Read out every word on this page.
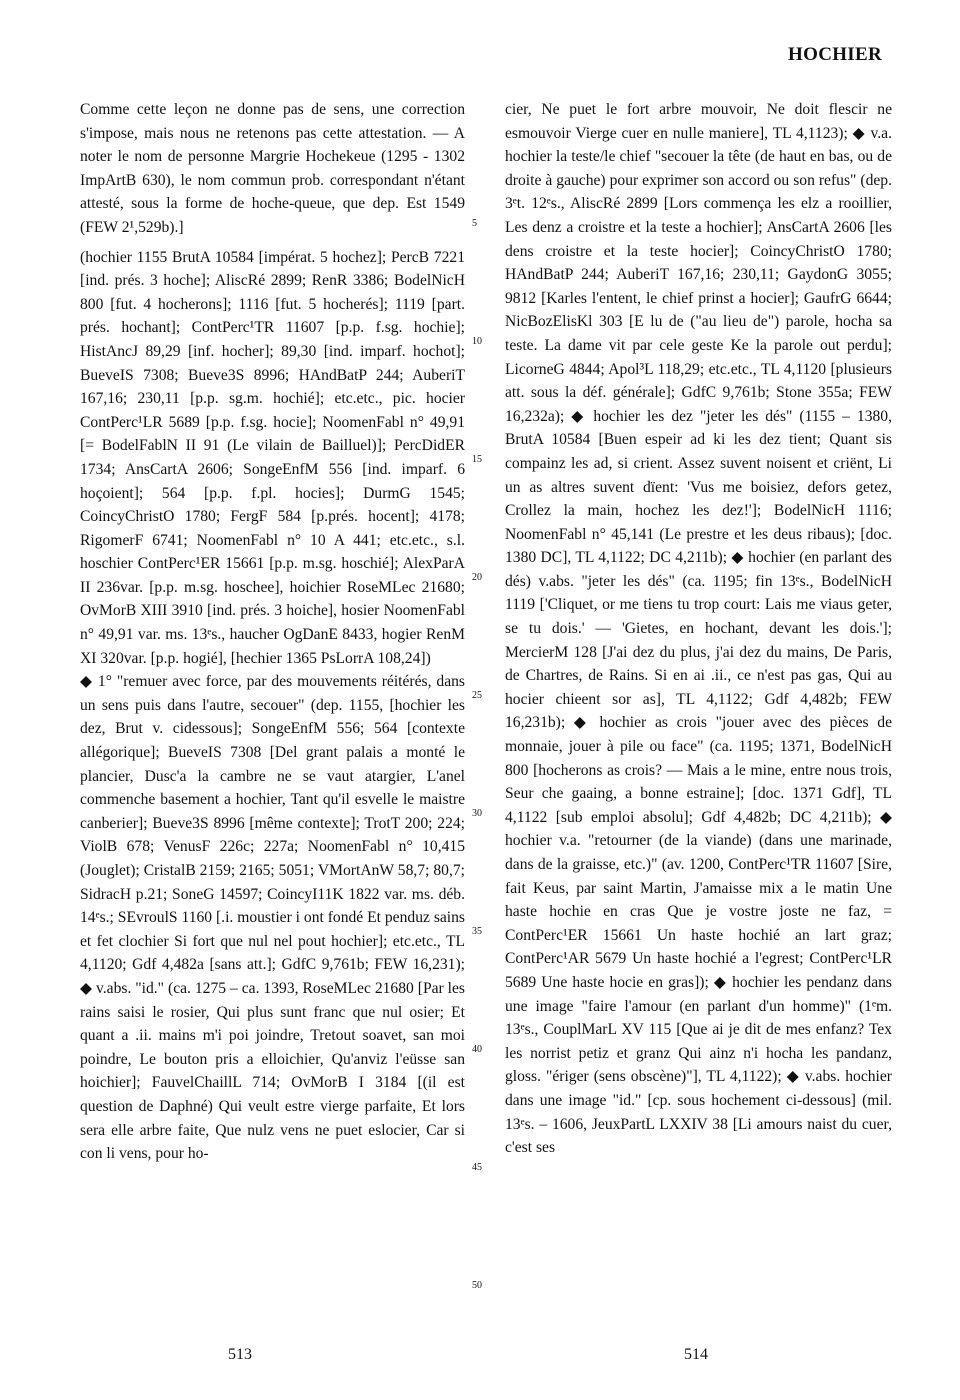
HOCHIER

Comme cette leçon ne donne pas de sens, une correction s'impose, mais nous ne retenons pas cette attestation. — A noter le nom de personne Margrie Hochekeue (1295 - 1302 ImpArtB 630), le nom commun prob. correspondant n'étant attesté, sous la forme de hoche-queue, que dep. Est 1549 (FEW 2¹,529b).]

(hochier 1155 BrutA 10584 [impérat. 5 hochez]; PercB 7221 [ind. prés. 3 hoche]; AliscRé 2899; RenR 3386; BodelNicH 800 [fut. 4 hocherons]; 1116 [fut. 5 hocherés]; 1119 [part. prés. hochant]; ContPerc¹TR 11607 [p.p. f.sg. hochie]; HistAncJ 89,29 [inf. hocher]; 89,30 [ind. imparf. hochot]; BueveIS 7308; Bueve3S 8996; HAndBatP 244; AuberiT 167,16; 230,11 [p.p. sg.m. hochié]; etc.etc., pic. hocier ContPerc¹LR 5689 [p.p. f.sg. hocie]; NoomenFabl n° 49,91 [= BodelFablN II 91 (Le vilain de Bailluel)]; PercDidER 1734; AnsCartA 2606; SongeEnfM 556 [ind. imparf. 6 hoçoient]; 564 [p.p. f.pl. hocies]; DurmG 1545; CoincyChristO 1780; FergF 584 [p.prés. hocent]; 4178; RigomerF 6741; NoomenFabl n° 10 A 441; etc.etc., s.l. hoschier ContPerc¹ER 15661 [p.p. m.sg. hoschié]; AlexParA II 236var. [p.p. m.sg. hoschee], hoichier RoseMLec 21680; OvMorB XIII 3910 [ind. prés. 3 hoiche], hosier NoomenFabl n° 49,91 var. ms. 13ᵉs., haucher OgDanE 8433, hogier RenM XI 320var. [p.p. hogié], [hechier 1365 PsLorrA 108,24])

◆ 1° "remuer avec force, par des mouvements réitérés, dans un sens puis dans l'autre, secouer" (dep. 1155, [hochier les dez, Brut v. cidessous]; SongeEnfM 556; 564 [contexte allégorique]; BueveIS 7308 [Del grant palais a monté le plancier, Dusc'a la cambre ne se vaut atargier, L'anel commenche basement a hochier, Tant qu'il esvelle le maistre canberier]; Bueve3S 8996 [même contexte]; TrotT 200; 224; ViolB 678; VenusF 226c; 227a; NoomenFabl n° 10,415 (Jouglet); CristalB 2159; 2165; 5051; VMortAnW 58,7; 80,7; SidracH p.21; SoneG 14597; CoincyI11K 1822 var. ms. déb. 14ᵉs.; SEvroulS 1160 [.i. moustier i ont fondé Et penduz sains et fet clochier Si fort que nul nel pout hochier]; etc.etc., TL 4,1120; Gdf 4,482a [sans att.]; GdfC 9,761b; FEW 16,231); ◆ v.abs. "id." (ca. 1275 – ca. 1393, RoseMLec 21680 [Par les rains saisi le rosier, Qui plus sunt franc que nul osier; Et quant a .ii. mains m'i poi joindre, Tretout soavet, san moi poindre, Le bouton pris a elloichier, Qu'anviz l'eüsse san hoichier]; FauvelChaillL 714; OvMorB I 3184 [(il est question de Daphné) Qui veult estre vierge parfaite, Et lors sera elle arbre faite, Que nulz vens ne puet eslocier, Car si con li vens, pour ho-

5
10
15
20
25
30
35
40
45
50

cier, Ne puet le fort arbre mouvoir, Ne doit flescir ne esmouvoir Vierge cuer en nulle maniere], TL 4,1123); ◆ v.a. hochier la teste/le chief "secouer la tête (de haut en bas, ou de droite à gauche) pour exprimer son accord ou son refus" (dep. 3ᵉt. 12ᵉs., AliscRé 2899 [Lors commença les elz a rooillier, Les denz a croistre et la teste a hochier]; AnsCartA 2606 [les dens croistre et la teste hocier]; CoincyChristO 1780; HAndBatP 244; AuberiT 167,16; 230,11; GaydonG 3055; 9812 [Karles l'entent, le chief prinst a hocier]; GaufrG 6644; NicBozElisKl 303 [E lu de ("au lieu de") parole, hocha sa teste. La dame vit par cele geste Ke la parole out perdu]; LicorneG 4844; Apol³L 118,29; etc.etc., TL 4,1120 [plusieurs att. sous la déf. générale]; GdfC 9,761b; Stone 355a; FEW 16,232a); ◆ hochier les dez "jeter les dés" (1155 – 1380, BrutA 10584 [Buen espeir ad ki les dez tient; Quant sis compainz les ad, si crient. Assez suvent noisent et criënt, Li un as altres suvent dïent: 'Vus me boisiez, defors getez, Crollez la main, hochez les dez!']; BodelNicH 1116; NoomenFabl n° 45,141 (Le prestre et les deus ribaus); [doc. 1380 DC], TL 4,1122; DC 4,211b); ◆ hochier (en parlant des dés) v.abs. "jeter les dés" (ca. 1195; fin 13ᵉs., BodelNicH 1119 ['Cliquet, or me tiens tu trop court: Lais me viaus geter, se tu dois.' — 'Gietes, en hochant, devant les dois.']; MercierM 128 [J'ai dez du plus, j'ai dez du mains, De Paris, de Chartres, de Rains. Si en ai .ii., ce n'est pas gas, Qui au hocier chieent sor as], TL 4,1122; Gdf 4,482b; FEW 16,231b); ◆ hochier as crois "jouer avec des pièces de monnaie, jouer à pile ou face" (ca. 1195; 1371, BodelNicH 800 [hocherons as crois? — Mais a le mine, entre nous trois, Seur che gaaing, a bonne estraine]; [doc. 1371 Gdf], TL 4,1122 [sub emploi absolu]; Gdf 4,482b; DC 4,211b); ◆ hochier v.a. "retourner (de la viande) (dans une marinade, dans de la graisse, etc.)" (av. 1200, ContPerc¹TR 11607 [Sire, fait Keus, par saint Martin, J'amaisse mix a le matin Une haste hochie en cras Que je vostre joste ne faz, = ContPerc¹ER 15661 Un haste hochié an lart graz; ContPerc¹AR 5679 Un haste hochié a l'egrest; ContPerc¹LR 5689 Une haste hocie en gras]); ◆ hochier les pendanz dans une image "faire l'amour (en parlant d'un homme)" (1ᵉm. 13ᵉs., CouplMarL XV 115 [Que ai je dit de mes enfanz? Tex les norrist petiz et granz Qui ainz n'i hocha les pandanz, gloss. "ériger (sens obscène)"], TL 4,1122); ◆ v.abs. hochier dans une image "id." [cp. sous hochement ci-dessous] (mil. 13ᵉs. – 1606, JeuxPartL LXXIV 38 [Li amours naist du cuer, c'est ses

513	514
